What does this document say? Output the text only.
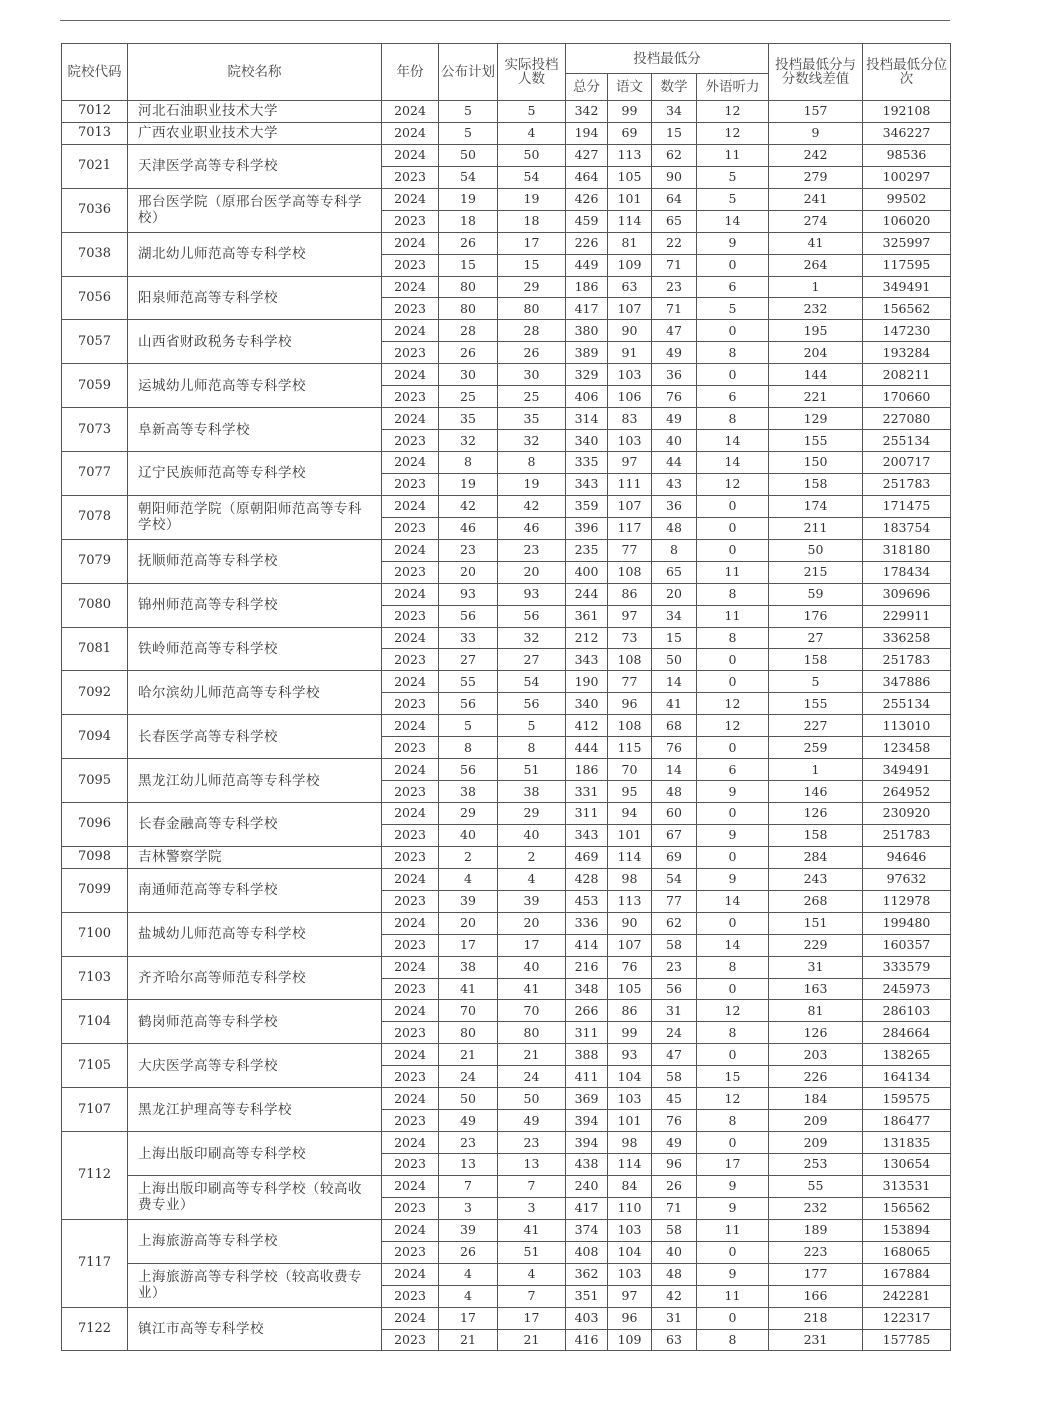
院校代码	院校名称	年份	公布计划	实际投档人数	投档最低分				投档最低分与分数线差值	投档最低分位次
					总分	语文	数学	外语听力		
7012	河北石油职业技术大学	2024	5	5	342	99	34	12	157	192108
7013	广西农业职业技术大学	2024	5	4	194	69	15	12	9	346227
7021	天津医学高等专科学校	2024	50	50	427	113	62	11	242	98536
		2023	54	54	464	105	90	5	279	100297
7036	邢台医学院（原邢台医学高等专科学校）	2024	19	19	426	101	64	5	241	99502
		2023	18	18	459	114	65	14	274	106020
7038	湖北幼儿师范高等专科学校	2024	26	17	226	81	22	9	41	325997
		2023	15	15	449	109	71	0	264	117595
7056	阳泉师范高等专科学校	2024	80	29	186	63	23	6	1	349491
		2023	80	80	417	107	71	5	232	156562
7057	山西省财政税务专科学校	2024	28	28	380	90	47	0	195	147230
		2023	26	26	389	91	49	8	204	193284
7059	运城幼儿师范高等专科学校	2024	30	30	329	103	36	0	144	208211
		2023	25	25	406	106	76	6	221	170660
7073	阜新高等专科学校	2024	35	35	314	83	49	8	129	227080
		2023	32	32	340	103	40	14	155	255134
7077	辽宁民族师范高等专科学校	2024	8	8	335	97	44	14	150	200717
		2023	19	19	343	111	43	12	158	251783
7078	朝阳师范学院（原朝阳师范高等专科学校）	2024	42	42	359	107	36	0	174	171475
		2023	46	46	396	117	48	0	211	183754
7079	抚顺师范高等专科学校	2024	23	23	235	77	8	0	50	318180
		2023	20	20	400	108	65	11	215	178434
7080	锦州师范高等专科学校	2024	93	93	244	86	20	8	59	309696
		2023	56	56	361	97	34	11	176	229911
7081	铁岭师范高等专科学校	2024	33	32	212	73	15	8	27	336258
		2023	27	27	343	108	50	0	158	251783
7092	哈尔滨幼儿师范高等专科学校	2024	55	54	190	77	14	0	5	347886
		2023	56	56	340	96	41	12	155	255134
7094	长春医学高等专科学校	2024	5	5	412	108	68	12	227	113010
		2023	8	8	444	115	76	0	259	123458
7095	黑龙江幼儿师范高等专科学校	2024	56	51	186	70	14	6	1	349491
		2023	38	38	331	95	48	9	146	264952
7096	长春金融高等专科学校	2024	29	29	311	94	60	0	126	230920
		2023	40	40	343	101	67	9	158	251783
7098	吉林警察学院	2023	2	2	469	114	69	0	284	94646
7099	南通师范高等专科学校	2024	4	4	428	98	54	9	243	97632
		2023	39	39	453	113	77	14	268	112978
7100	盐城幼儿师范高等专科学校	2024	20	20	336	90	62	0	151	199480
		2023	17	17	414	107	58	14	229	160357
7103	齐齐哈尔高等师范专科学校	2024	38	40	216	76	23	8	31	333579
		2023	41	41	348	105	56	0	163	245973
7104	鹤岗师范高等专科学校	2024	70	70	266	86	31	12	81	286103
		2023	80	80	311	99	24	8	126	284664
7105	大庆医学高等专科学校	2024	21	21	388	93	47	0	203	138265
		2023	24	24	411	104	58	15	226	164134
7107	黑龙江护理高等专科学校	2024	50	50	369	103	45	12	184	159575
		2023	49	49	394	101	76	8	209	186477
7112	上海出版印刷高等专科学校	2024	23	23	394	98	49	0	209	131835
		2023	13	13	438	114	96	17	253	130654
	上海出版印刷高等专科学校（较高收费专业）	2024	7	7	240	84	26	9	55	313531
		2023	3	3	417	110	71	9	232	156562
7117	上海旅游高等专科学校	2024	39	41	374	103	58	11	189	153894
		2023	26	51	408	104	40	0	223	168065
	上海旅游高等专科学校（较高收费专业）	2024	4	4	362	103	48	9	177	167884
		2023	4	7	351	97	42	11	166	242281
7122	镇江市高等专科学校	2024	17	17	403	96	31	0	218	122317
		2023	21	21	416	109	63	8	231	157785
